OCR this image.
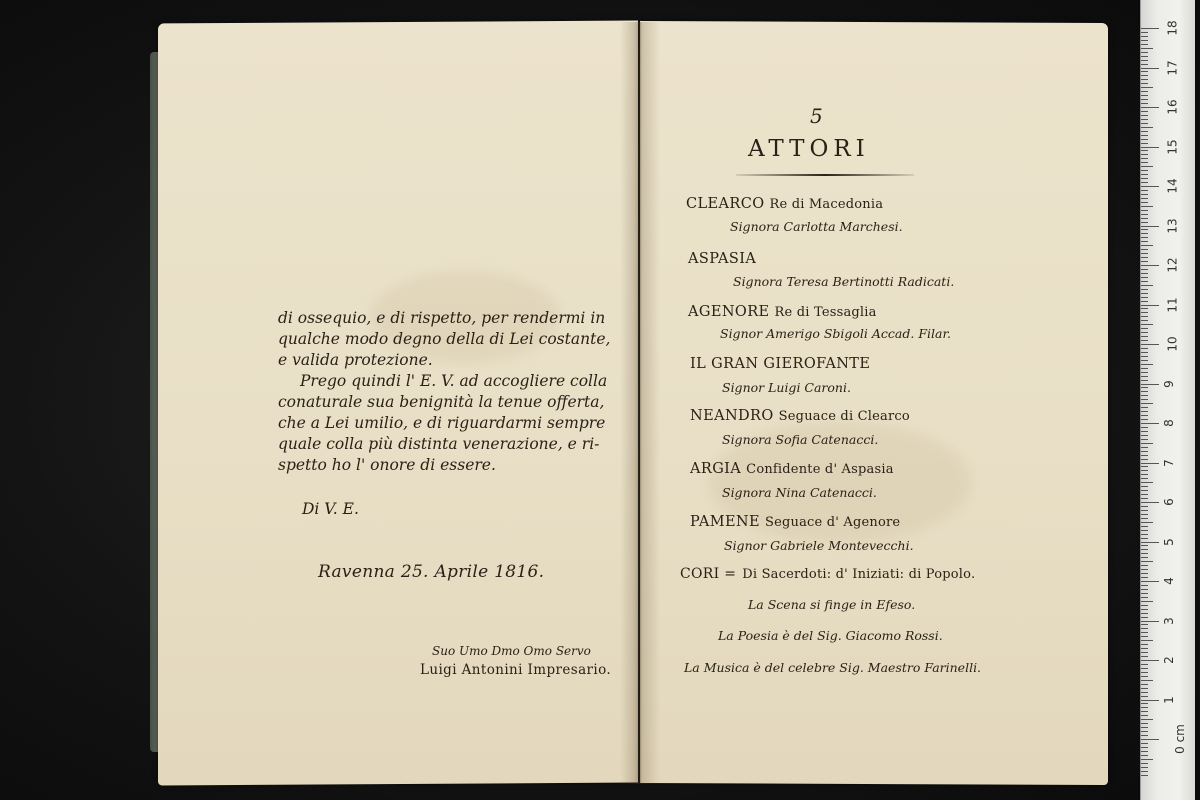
di ossequio, e di rispetto, per rendermi in

qualche modo degno della di Lei costante,

e valida protezione.

Prego quindi l' E. V. ad accogliere colla

conaturale sua benignità la tenue offerta,

che a Lei umilio, e di riguardarmi sempre

quale colla più distinta venerazione, e ri-

spetto ho l' onore di essere.

Di V. E.
Ravenna 25. Aprile 1816.
Suo Umo Dmo Omo Servo
Luigi Antonini Impresario.
5
ATTORI
CLEARCO Re di Macedonia
Signora Carlotta Marchesi.
ASPASIA
Signora Teresa Bertinotti Radicati.
AGENORE Re di Tessaglia
Signor Amerigo Sbigoli Accad. Filar.
IL GRAN GIEROFANTE
Signor Luigi Caroni.
NEANDRO Seguace di Clearco
Signora Sofia Catenacci.
ARGIA Confidente d' Aspasia
Signora Nina Catenacci.
PAMENE Seguace d' Agenore
Signor Gabriele Montevecchi.
CORI = Di Sacerdoti: d' Iniziati: di Popolo.
La Scena si finge in Efeso.
La Poesia è del Sig. Giacomo Rossi.
La Musica è del celebre Sig. Maestro Farinelli.
18
17
16
15
14
13
12
11
10
9
8
7
6
5
4
3
2
1
0 cm
